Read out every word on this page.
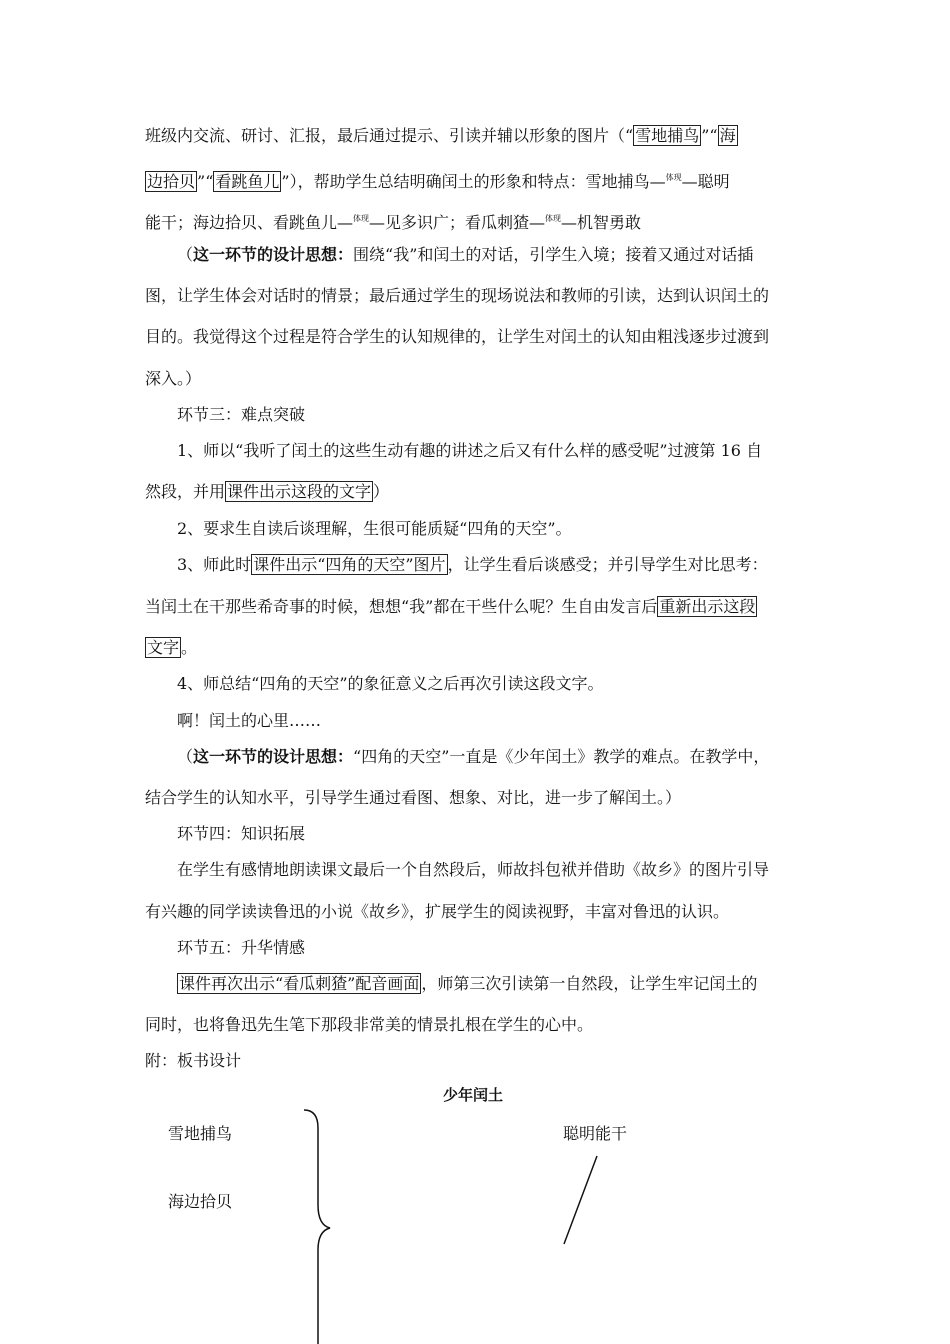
班级内交流、研讨、汇报，最后通过提示、引读并辅以形象的图片（“ 雪地捕鸟 ”“ 海
边拾贝 ”“ 看跳鱼儿 ”），帮助学生总结明确闰土的形象和特点：雪地捕鸟—$^{体现}$—聪明
能干；海边拾贝、看跳鱼儿—$^{体现}$—见多识广；看瓜刺猹—$^{体现}$—机智勇敢
（这一环节的设计思想：围绕“我”和闰土的对话，引学生入境；接着又通过对话插
图，让学生体会对话时的情景；最后通过学生的现场说法和教师的引读，达到认识闰土的
目的。我觉得这个过程是符合学生的认知规律的，让学生对闰土的认知由粗浅逐步过渡到
深入。）
环节三：难点突破
1、师以“我听了闰土的这些生动有趣的讲述之后又有什么样的感受呢”过渡第 16 自
然段，并用 课件出示这段的文字 ）
2、要求生自读后谈理解，生很可能质疑“四角的天空”。
3、师此时 课件出示“四角的天空”图片 ，让学生看后谈感受；并引导学生对比思考：
当闰土在干那些希奇事的时候，想想“我”都在干些什么呢？生自由发言后 重新出示这段
文字 。
4、师总结“四角的天空”的象征意义之后再次引读这段文字。
啊！闰土的心里……
（这一环节的设计思想：“四角的天空”一直是《少年闰土》教学的难点。在教学中，
结合学生的认知水平，引导学生通过看图、想象、对比，进一步了解闰土。）
环节四：知识拓展
在学生有感情地朗读课文最后一个自然段后，师故抖包袱并借助《故乡》的图片引导
有兴趣的同学读读鲁迅的小说《故乡》，扩展学生的阅读视野，丰富对鲁迅的认识。
环节五：升华情感
课件再次出示“看瓜刺猹”配音画面 ，师第三次引读第一自然段，让学生牢记闰土的
同时，也将鲁迅先生笔下那段非常美的情景扎根在学生的心中。
附：板书设计
少年闰土
雪地捕鸟
海边拾贝
聪明能干
